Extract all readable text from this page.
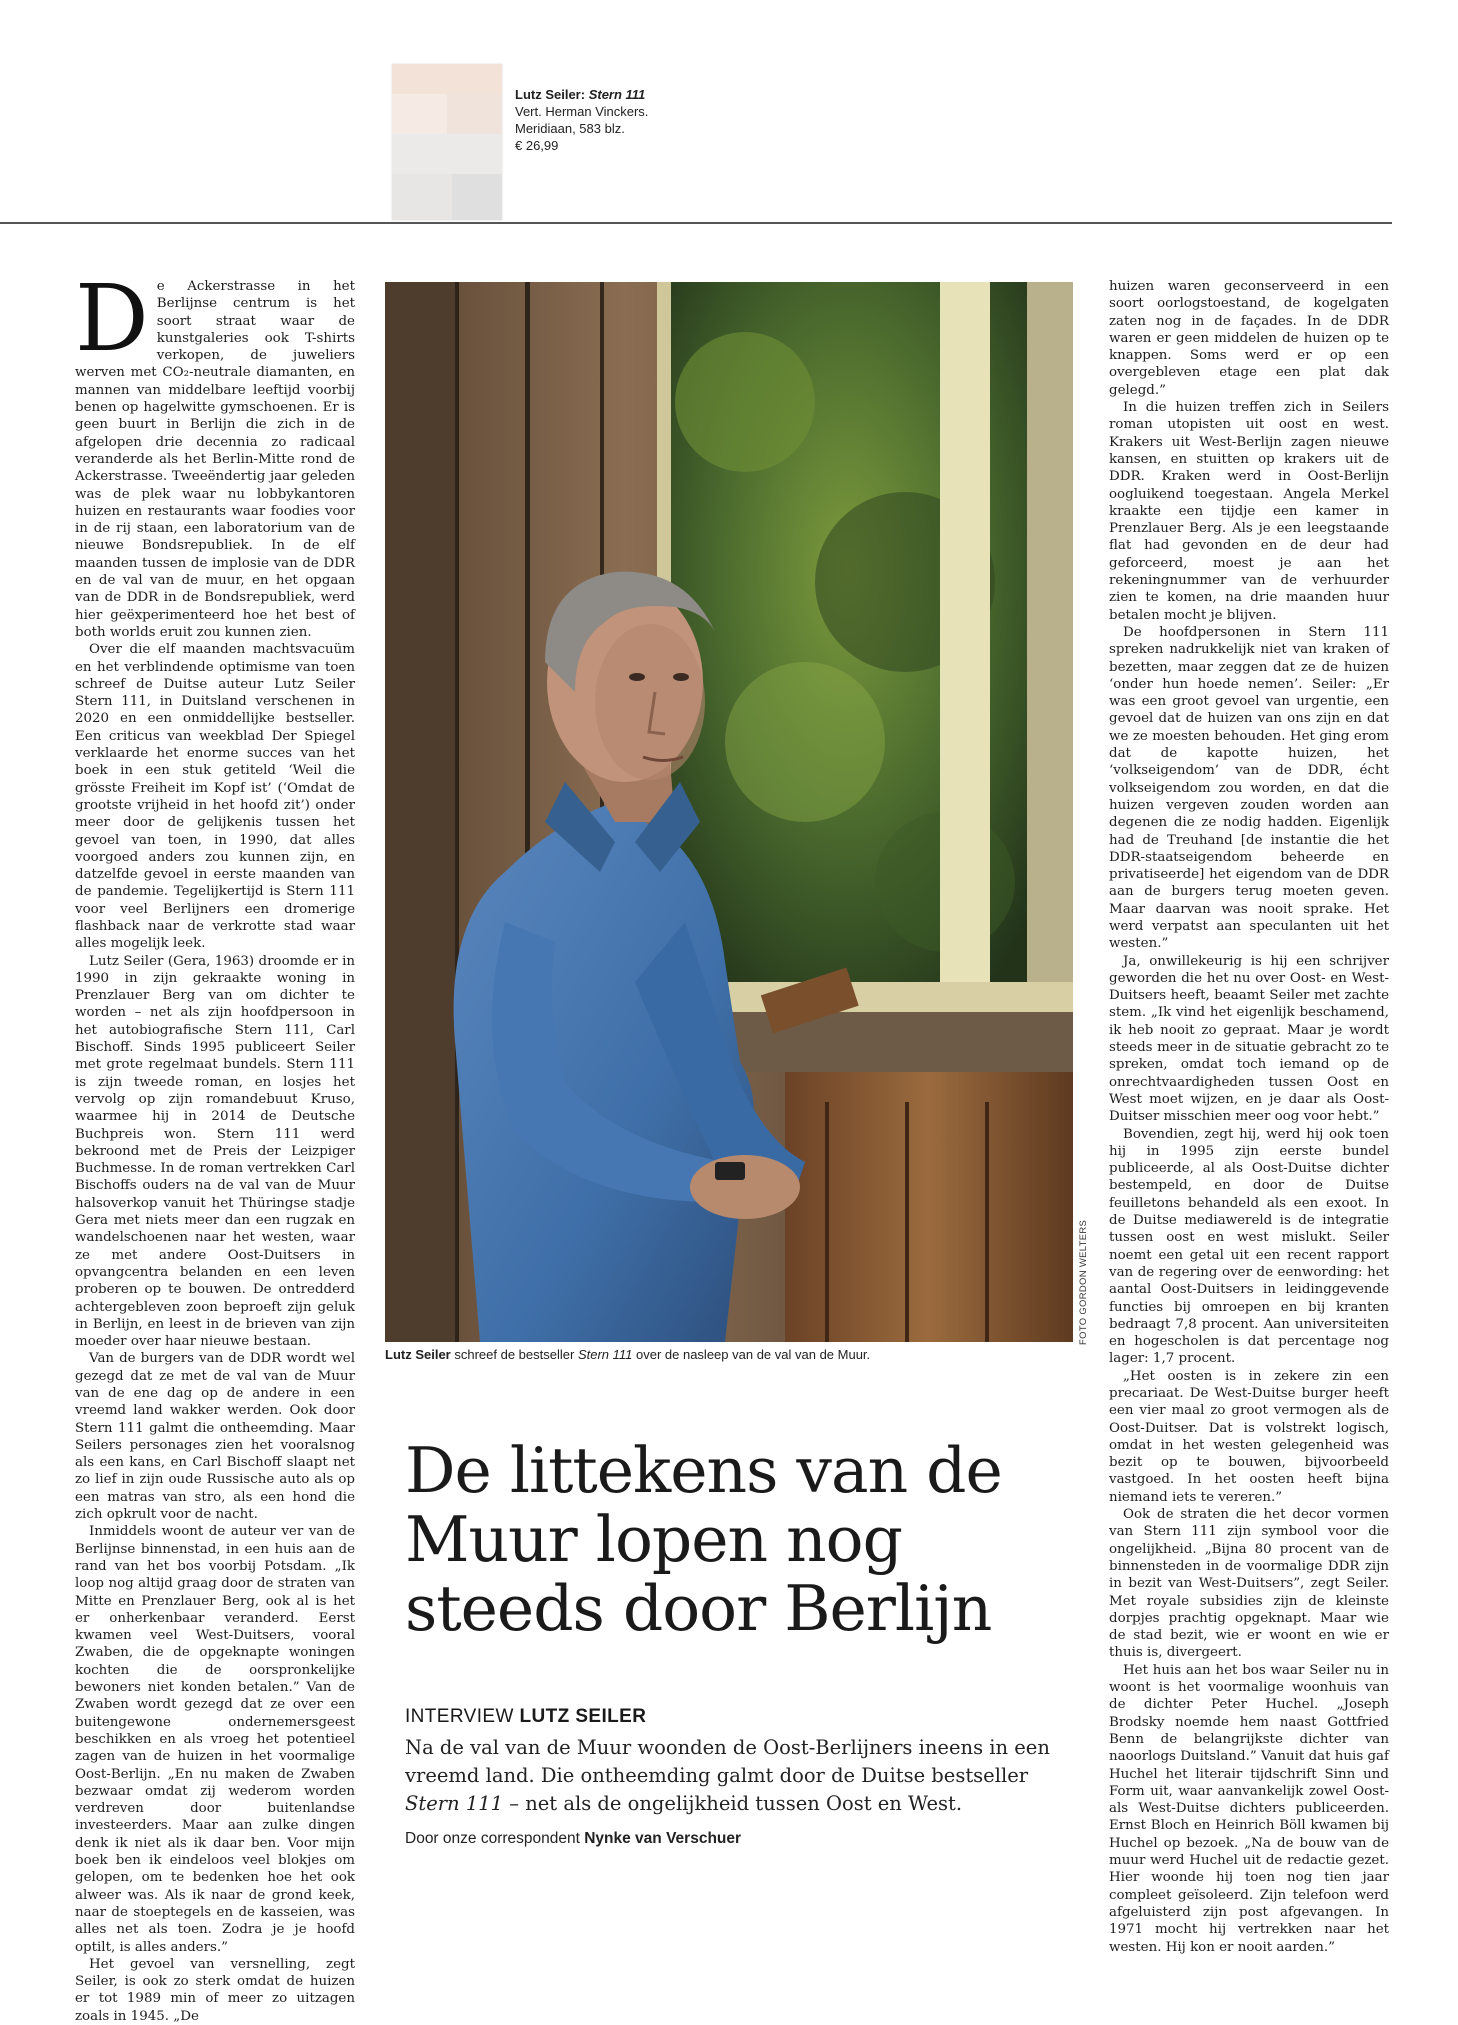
Lutz Seiler: Stern 111
Vert. Herman Vinckers.
Meridiaan, 583 blz.
€ 26,99
D e Ackerstrasse in het Berlijnse centrum is het soort straat waar de kunstgaleries ook T-shirts verkopen, de juweliers werven met CO₂-neutrale diamanten, en mannen van middelbare leeftijd voorbij benen op hagelwitte gymschoenen. Er is geen buurt in Berlijn die zich in de afgelopen drie decennia zo radicaal veranderde als het Berlin-Mitte rond de Ackerstrasse. Tweeëndertig jaar geleden was de plek waar nu lobbykantoren huizen en restaurants waar foodies voor in de rij staan, een laboratorium van de nieuwe Bondsrepubliek. In de elf maanden tussen de implosie van de DDR en de val van de muur, en het opgaan van de DDR in de Bondsrepubliek, werd hier geëxperimenteerd hoe het best of both worlds eruit zou kunnen zien.

Over die elf maanden machtsvacuüm en het verblindende optimisme van toen schreef de Duitse auteur Lutz Seiler Stern 111, in Duitsland verschenen in 2020 en een onmiddellijke bestseller. Een criticus van weekblad Der Spiegel verklaarde het enorme succes van het boek in een stuk getiteld ‘Weil die grösste Freiheit im Kopf ist’ (‘Omdat de grootste vrijheid in het hoofd zit’) onder meer door de gelijkenis tussen het gevoel van toen, in 1990, dat alles voorgoed anders zou kunnen zijn, en datzelfde gevoel in eerste maanden van de pandemie. Tegelijkertijd is Stern 111 voor veel Berlijners een dromerige flashback naar de verkrotte stad waar alles mogelijk leek.

Lutz Seiler (Gera, 1963) droomde er in 1990 in zijn gekraakte woning in Prenzlauer Berg van om dichter te worden – net als zijn hoofdpersoon in het autobiografische Stern 111, Carl Bischoff. Sinds 1995 publiceert Seiler met grote regelmaat bundels. Stern 111 is zijn tweede roman, en losjes het vervolg op zijn romandebuut Kruso, waarmee hij in 2014 de Deutsche Buchpreis won. Stern 111 werd bekroond met de Preis der Leizpiger Buchmesse. In de roman vertrekken Carl Bischoffs ouders na de val van de Muur halsoverkop vanuit het Thüringse stadje Gera met niets meer dan een rugzak en wandelschoenen naar het westen, waar ze met andere Oost-Duitsers in opvangcentra belanden en een leven proberen op te bouwen. De ontredderd achtergebleven zoon beproeft zijn geluk in Berlijn, en leest in de brieven van zijn moeder over haar nieuwe bestaan.

Van de burgers van de DDR wordt wel gezegd dat ze met de val van de Muur van de ene dag op de andere in een vreemd land wakker werden. Ook door Stern 111 galmt die ontheemding. Maar Seilers personages zien het vooralsnog als een kans, en Carl Bischoff slaapt net zo lief in zijn oude Russische auto als op een matras van stro, als een hond die zich opkrult voor de nacht.

Inmiddels woont de auteur ver van de Berlijnse binnenstad, in een huis aan de rand van het bos voorbij Potsdam. „Ik loop nog altijd graag door de straten van Mitte en Prenzlauer Berg, ook al is het er onherkenbaar veranderd. Eerst kwamen veel West-Duitsers, vooral Zwaben, die de opgeknapte woningen kochten die de oorspronkelijke bewoners niet konden betalen.” Van de Zwaben wordt gezegd dat ze over een buitengewone ondernemersgeest beschikken en als vroeg het potentieel zagen van de huizen in het voormalige Oost-Berlijn. „En nu maken de Zwaben bezwaar omdat zij wederom worden verdreven door buitenlandse investeerders. Maar aan zulke dingen denk ik niet als ik daar ben. Voor mijn boek ben ik eindeloos veel blokjes om gelopen, om te bedenken hoe het ook alweer was. Als ik naar de grond keek, naar de stoeptegels en de kasseien, was alles net als toen. Zodra je je hoofd optilt, is alles anders.”

Het gevoel van versnelling, zegt Seiler, is ook zo sterk omdat de huizen er tot 1989 min of meer zo uitzagen zoals in 1945. „De

FOTO GORDON WELTERS
Lutz Seiler schreef de bestseller Stern 111 over de nasleep van de val van de Muur.
De littekens van de Muur lopen nog steeds door Berlijn
INTERVIEW LUTZ SEILER
Na de val van de Muur woonden de Oost-Berlijners ineens in een vreemd land. Die ontheemding galmt door de Duitse bestseller Stern 111 – net als de ongelijkheid tussen Oost en West.
Door onze correspondent Nynke van Verschuer

huizen waren geconserveerd in een soort oorlogstoestand, de kogelgaten zaten nog in de façades. In de DDR waren er geen middelen de huizen op te knappen. Soms werd er op een overgebleven etage een plat dak gelegd.”

In die huizen treffen zich in Seilers roman utopisten uit oost en west. Krakers uit West-Berlijn zagen nieuwe kansen, en stuitten op krakers uit de DDR. Kraken werd in Oost-Berlijn oogluikend toegestaan. Angela Merkel kraakte een tijdje een kamer in Prenzlauer Berg. Als je een leegstaande flat had gevonden en de deur had geforceerd, moest je aan het rekeningnummer van de verhuurder zien te komen, na drie maanden huur betalen mocht je blijven.

De hoofdpersonen in Stern 111 spreken nadrukkelijk niet van kraken of bezetten, maar zeggen dat ze de huizen ‘onder hun hoede nemen’. Seiler: „Er was een groot gevoel van urgentie, een gevoel dat de huizen van ons zijn en dat we ze moesten behouden. Het ging erom dat de kapotte huizen, het ‘volkseigendom’ van de DDR, écht volkseigendom zou worden, en dat die huizen vergeven zouden worden aan degenen die ze nodig hadden. Eigenlijk had de Treuhand [de instantie die het DDR-staatseigendom beheerde en privatiseerde] het eigendom van de DDR aan de burgers terug moeten geven. Maar daarvan was nooit sprake. Het werd verpatst aan speculanten uit het westen.”

Ja, onwillekeurig is hij een schrijver geworden die het nu over Oost- en West-Duitsers heeft, beaamt Seiler met zachte stem. „Ik vind het eigenlijk beschamend, ik heb nooit zo gepraat. Maar je wordt steeds meer in de situatie gebracht zo te spreken, omdat toch iemand op de onrechtvaardigheden tussen Oost en West moet wijzen, en je daar als Oost-Duitser misschien meer oog voor hebt.”

Bovendien, zegt hij, werd hij ook toen hij in 1995 zijn eerste bundel publiceerde, al als Oost-Duitse dichter bestempeld, en door de Duitse feuilletons behandeld als een exoot. In de Duitse mediawereld is de integratie tussen oost en west mislukt. Seiler noemt een getal uit een recent rapport van de regering over de eenwording: het aantal Oost-Duitsers in leidinggevende functies bij omroepen en bij kranten bedraagt 7,8 procent. Aan universiteiten en hogescholen is dat percentage nog lager: 1,7 procent.

„Het oosten is in zekere zin een precariaat. De West-Duitse burger heeft een vier maal zo groot vermogen als de Oost-Duitser. Dat is volstrekt logisch, omdat in het westen gelegenheid was bezit op te bouwen, bijvoorbeeld vastgoed. In het oosten heeft bijna niemand iets te vereren.”

Ook de straten die het decor vormen van Stern 111 zijn symbool voor die ongelijkheid. „Bijna 80 procent van de binnensteden in de voormalige DDR zijn in bezit van West-Duitsers”, zegt Seiler. Met royale subsidies zijn de kleinste dorpjes prachtig opgeknapt. Maar wie de stad bezit, wie er woont en wie er thuis is, divergeert.

Het huis aan het bos waar Seiler nu in woont is het voormalige woonhuis van de dichter Peter Huchel. „Joseph Brodsky noemde hem naast Gottfried Benn de belangrijkste dichter van naoorlogs Duitsland.” Vanuit dat huis gaf Huchel het literair tijdschrift Sinn und Form uit, waar aanvankelijk zowel Oost- als West-Duitse dichters publiceerden. Ernst Bloch en Heinrich Böll kwamen bij Huchel op bezoek. „Na de bouw van de muur werd Huchel uit de redactie gezet. Hier woonde hij toen nog tien jaar compleet geïsoleerd. Zijn telefoon werd afgeluisterd zijn post afgevangen. In 1971 mocht hij vertrekken naar het westen. Hij kon er nooit aarden.”
